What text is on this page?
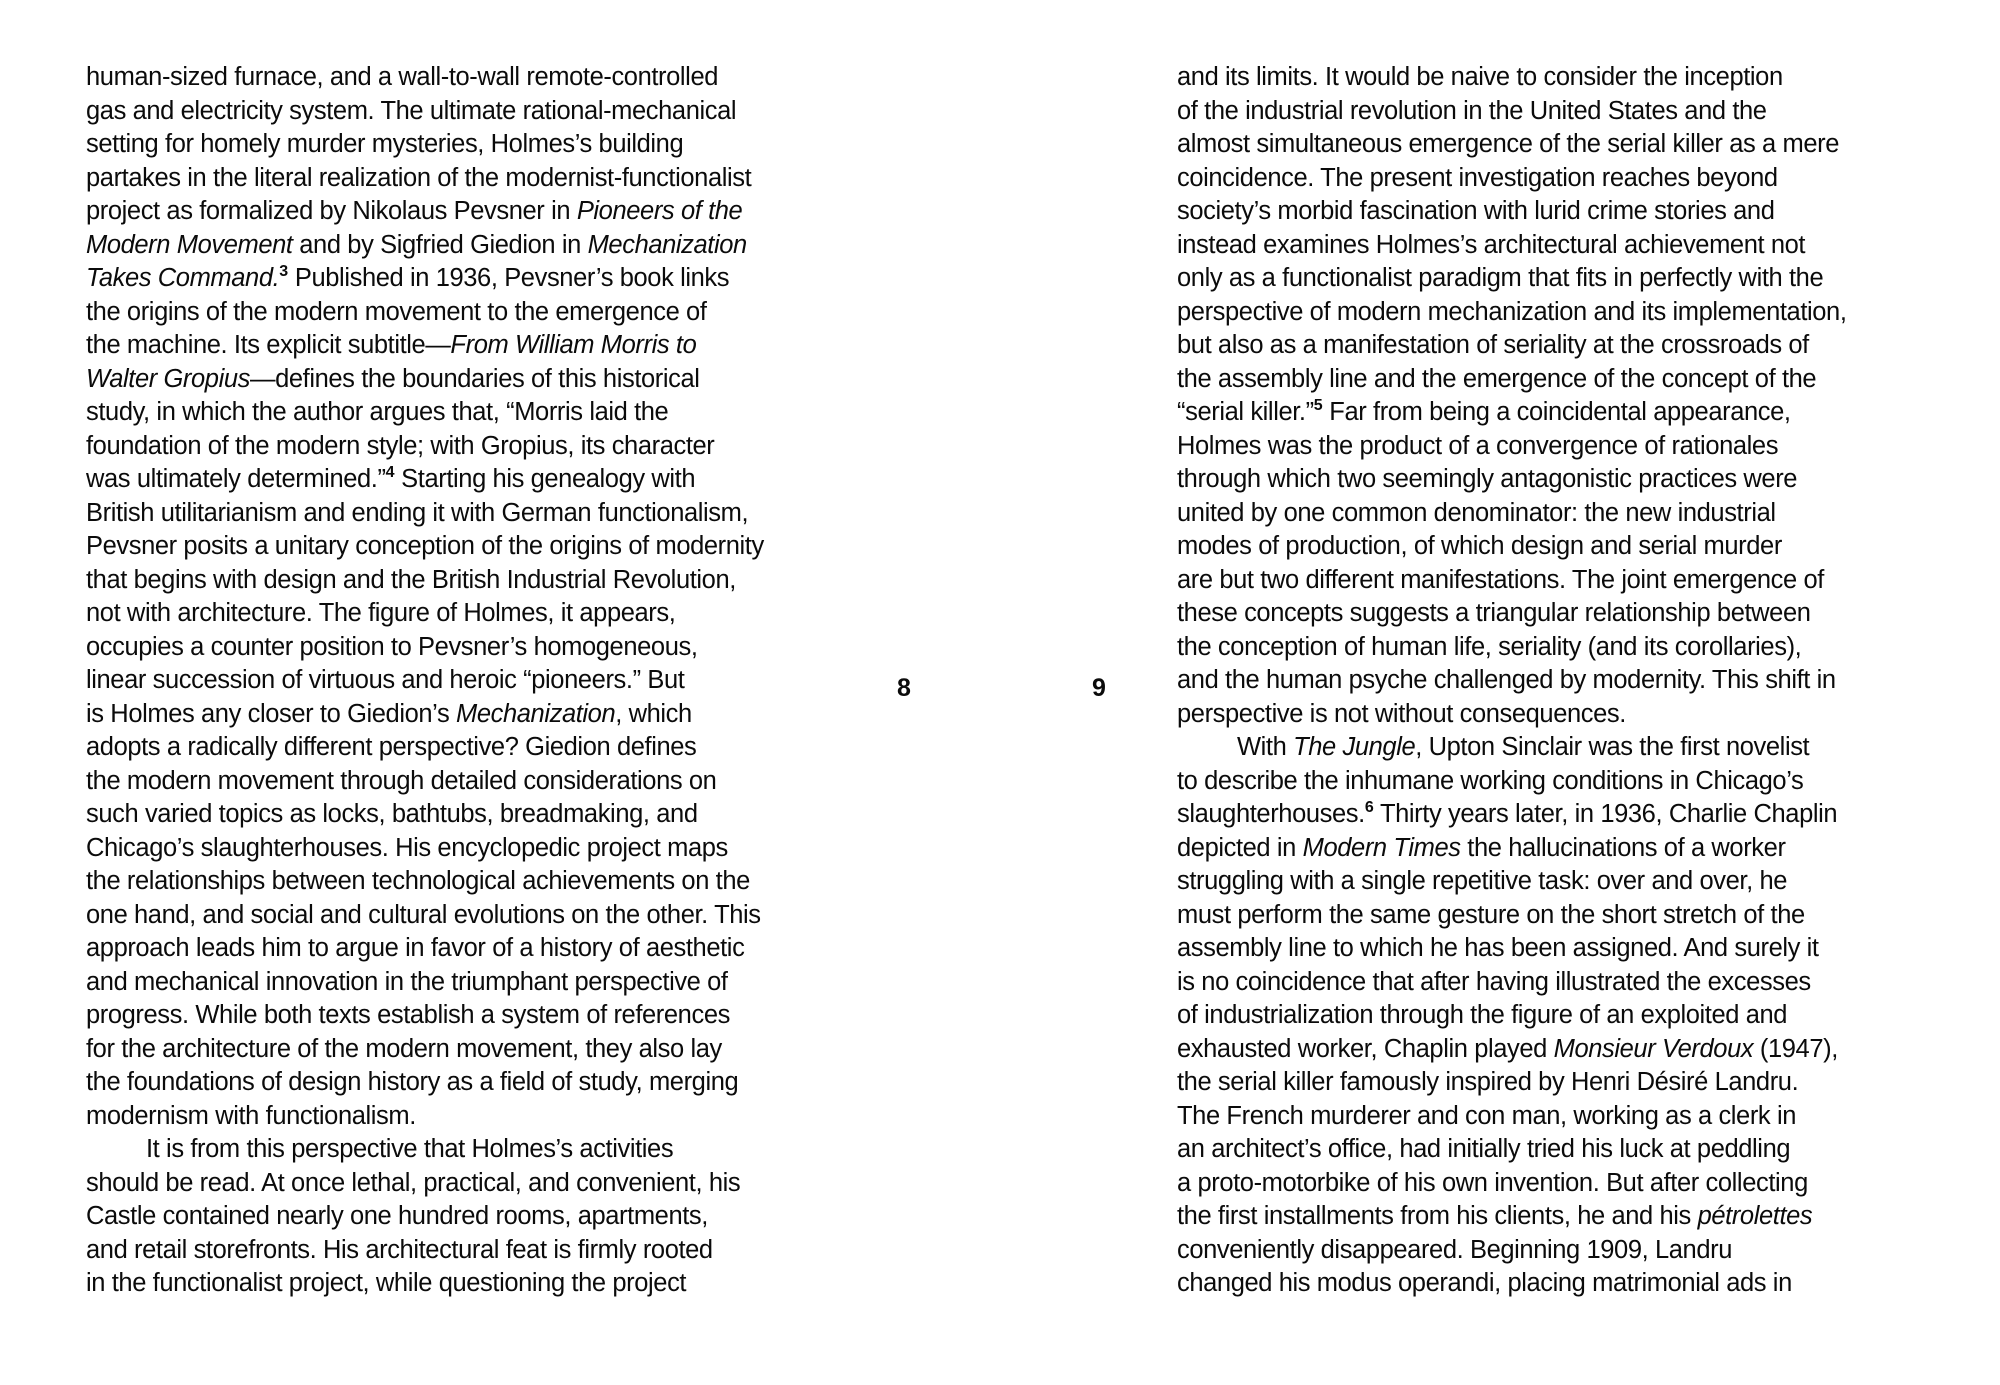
human-sized furnace, and a wall-to-wall remote-controlled
gas and electricity system. The ultimate rational-mechanical
setting for homely murder mysteries, Holmes’s building
partakes in the literal realization of the modernist-functionalist
project as formalized by Nikolaus Pevsner in Pioneers of the
Modern Movement and by Sigfried Giedion in Mechanization
Takes Command.$^3$ Published in 1936, Pevsner’s book links
the origins of the modern movement to the emergence of
the machine. Its explicit subtitle—From William Morris to
Walter Gropius—defines the boundaries of this historical
study, in which the author argues that, “Morris laid the
foundation of the modern style; with Gropius, its character
was ultimately determined.”$^4$ Starting his genealogy with
British utilitarianism and ending it with German functionalism,
Pevsner posits a unitary conception of the origins of modernity
that begins with design and the British Industrial Revolution,
not with architecture. The figure of Holmes, it appears,
occupies a counter position to Pevsner’s homogeneous,
linear succession of virtuous and heroic “pioneers.” But
is Holmes any closer to Giedion’s Mechanization, which
adopts a radically different perspective? Giedion defines
the modern movement through detailed considerations on
such varied topics as locks, bathtubs, breadmaking, and
Chicago’s slaughterhouses. His encyclopedic project maps
the relationships between technological achievements on the
one hand, and social and cultural evolutions on the other. This
approach leads him to argue in favor of a history of aesthetic
and mechanical innovation in the triumphant perspective of
progress. While both texts establish a system of references
for the architecture of the modern movement, they also lay
the foundations of design history as a field of study, merging
modernism with functionalism.
It is from this perspective that Holmes’s activities
should be read. At once lethal, practical, and convenient, his
Castle contained nearly one hundred rooms, apartments,
and retail storefronts. His architectural feat is firmly rooted
in the functionalist project, while questioning the project
8	9
and its limits. It would be naive to consider the inception
of the industrial revolution in the United States and the
almost simultaneous emergence of the serial killer as a mere
coincidence. The present investigation reaches beyond
society’s morbid fascination with lurid crime stories and
instead examines Holmes’s architectural achievement not
only as a functionalist paradigm that fits in perfectly with the
perspective of modern mechanization and its implementation,
but also as a manifestation of seriality at the crossroads of
the assembly line and the emergence of the concept of the
“serial killer.”$^5$ Far from being a coincidental appearance,
Holmes was the product of a convergence of rationales
through which two seemingly antagonistic practices were
united by one common denominator: the new industrial
modes of production, of which design and serial murder
are but two different manifestations. The joint emergence of
these concepts suggests a triangular relationship between
the conception of human life, seriality (and its corollaries),
and the human psyche challenged by modernity. This shift in
perspective is not without consequences.
With The Jungle, Upton Sinclair was the first novelist
to describe the inhumane working conditions in Chicago’s
slaughterhouses.$^6$ Thirty years later, in 1936, Charlie Chaplin
depicted in Modern Times the hallucinations of a worker
struggling with a single repetitive task: over and over, he
must perform the same gesture on the short stretch of the
assembly line to which he has been assigned. And surely it
is no coincidence that after having illustrated the excesses
of industrialization through the figure of an exploited and
exhausted worker, Chaplin played Monsieur Verdoux (1947),
the serial killer famously inspired by Henri Désiré Landru.
The French murderer and con man, working as a clerk in
an architect’s office, had initially tried his luck at peddling
a proto-motorbike of his own invention. But after collecting
the first installments from his clients, he and his pétrolettes
conveniently disappeared. Beginning 1909, Landru
changed his modus operandi, placing matrimonial ads in
